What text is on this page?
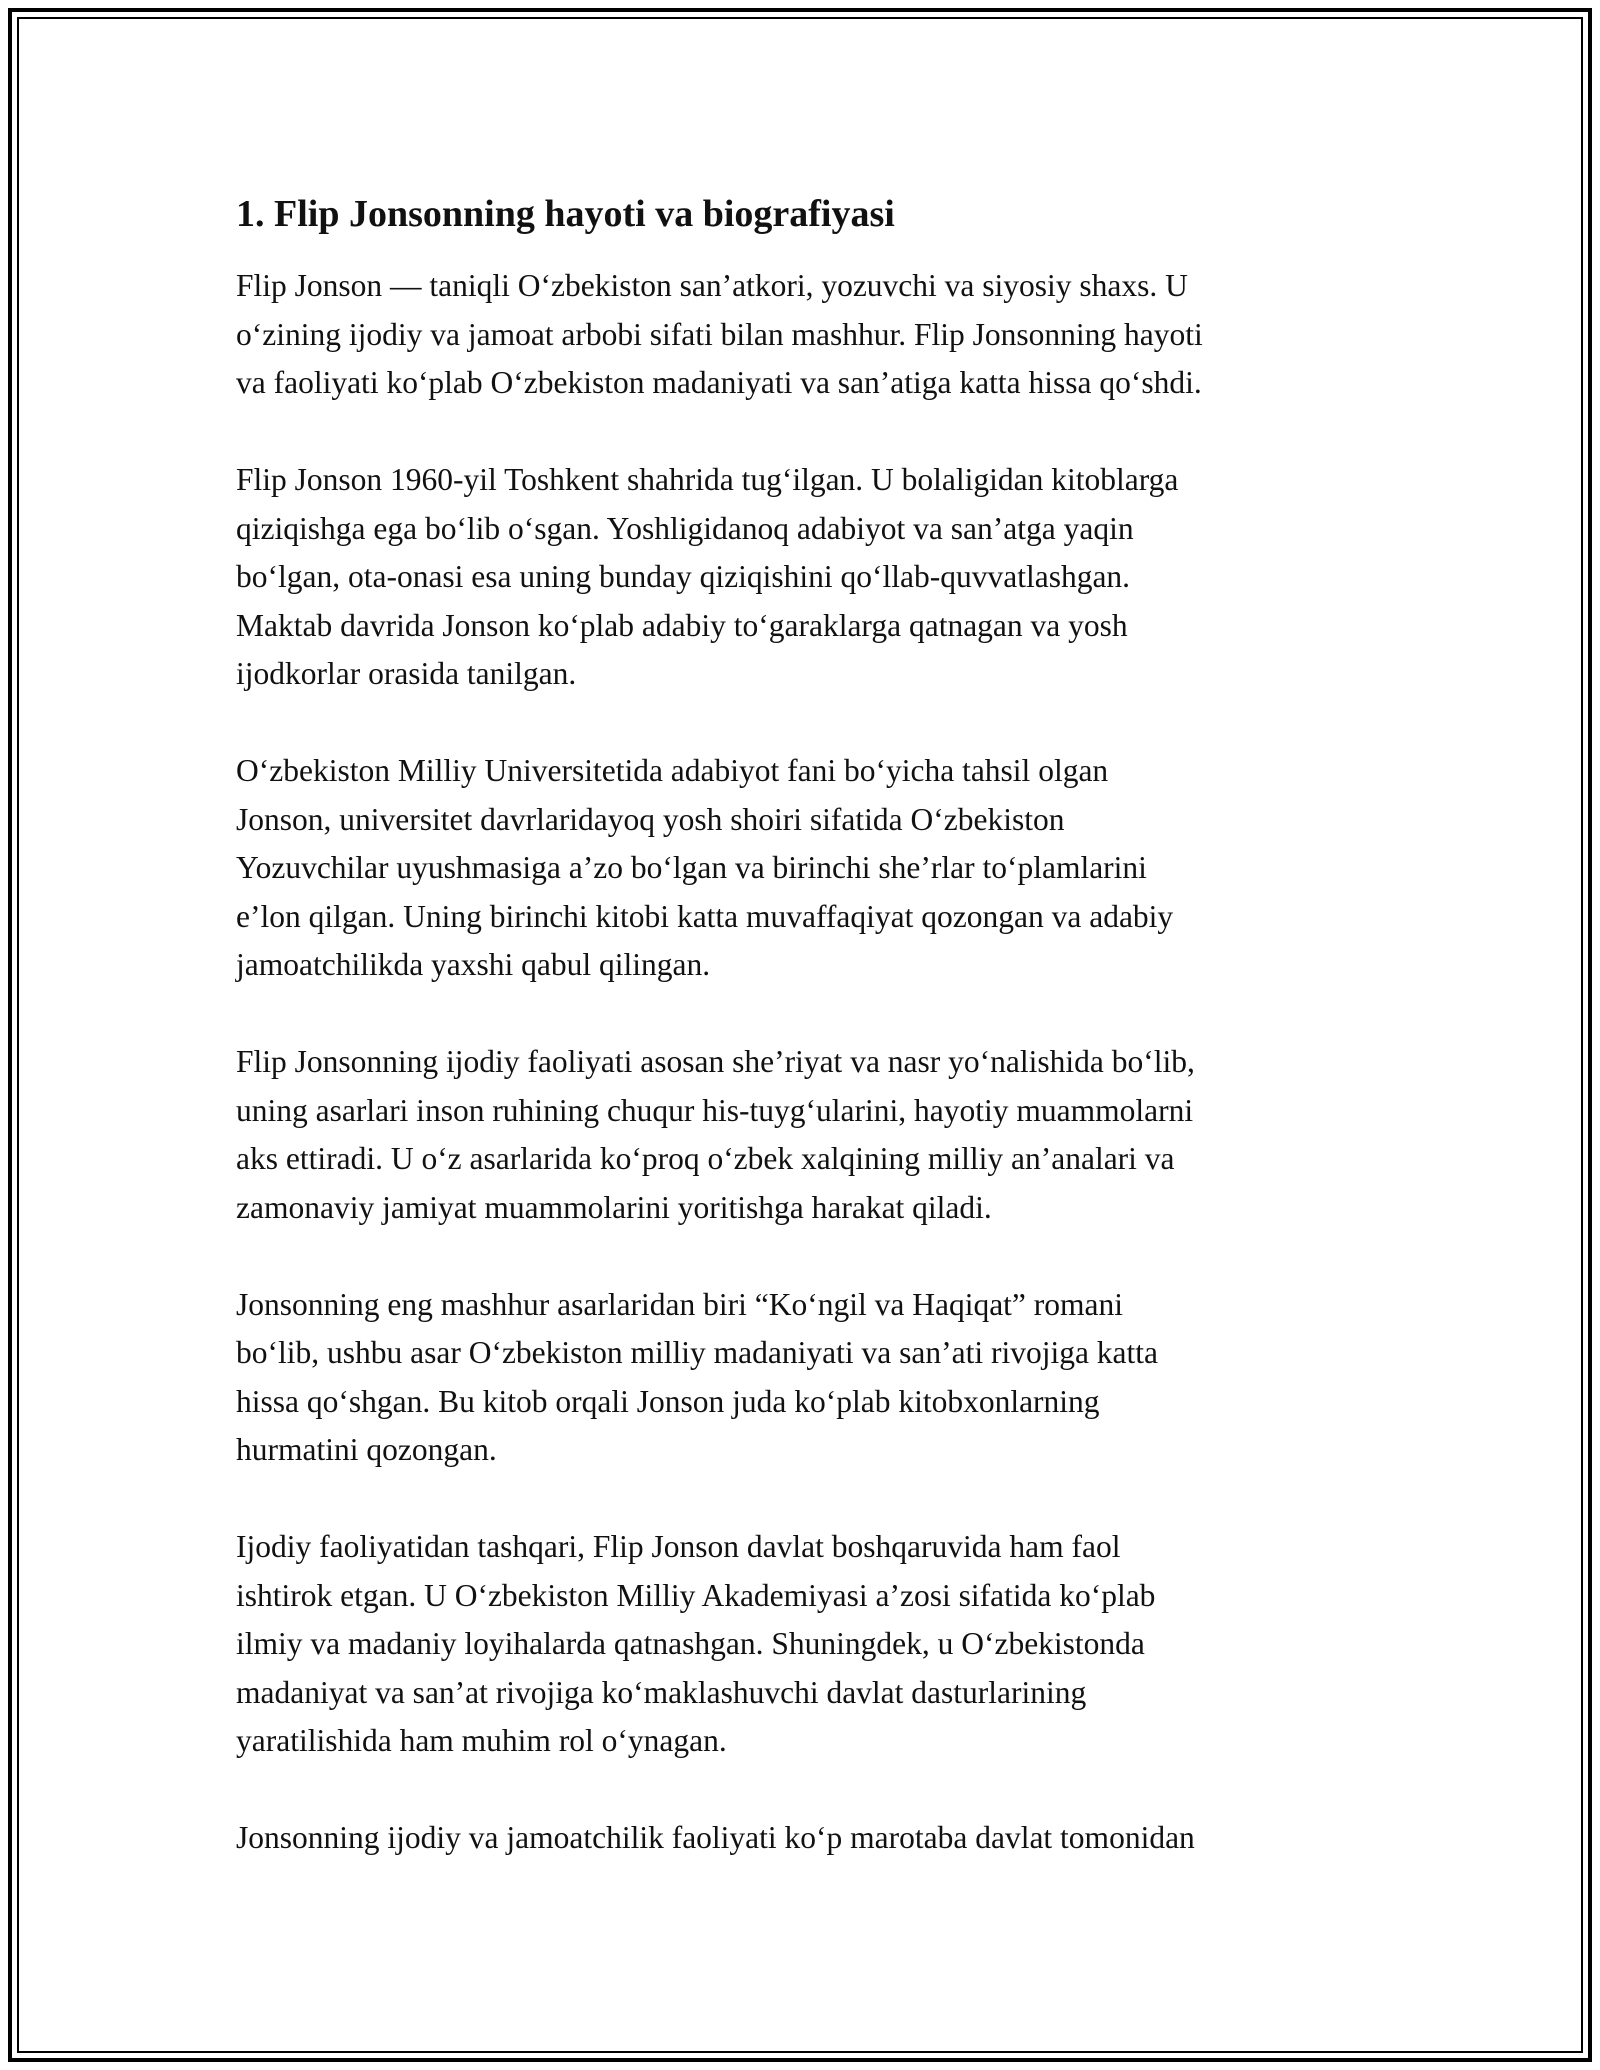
1. Flip Jonsonning hayoti va biografiyasi
Flip Jonson — taniqli O‘zbekiston san’atkori, yozuvchi va siyosiy shaxs. U
o‘zining ijodiy va jamoat arbobi sifati bilan mashhur. Flip Jonsonning hayoti
va faoliyati ko‘plab O‘zbekiston madaniyati va san’atiga katta hissa qo‘shdi.
Flip Jonson 1960-yil Toshkent shahrida tug‘ilgan. U bolaligidan kitoblarga
qiziqishga ega bo‘lib o‘sgan. Yoshligidanoq adabiyot va san’atga yaqin
bo‘lgan, ota-onasi esa uning bunday qiziqishini qo‘llab-quvvatlashgan.
Maktab davrida Jonson ko‘plab adabiy to‘garaklarga qatnagan va yosh
ijodkorlar orasida tanilgan.
O‘zbekiston Milliy Universitetida adabiyot fani bo‘yicha tahsil olgan
Jonson, universitet davrlaridayoq yosh shoiri sifatida O‘zbekiston
Yozuvchilar uyushmasiga a’zo bo‘lgan va birinchi she’rlar to‘plamlarini
e’lon qilgan. Uning birinchi kitobi katta muvaffaqiyat qozongan va adabiy
jamoatchilikda yaxshi qabul qilingan.
Flip Jonsonning ijodiy faoliyati asosan she’riyat va nasr yo‘nalishida bo‘lib,
uning asarlari inson ruhining chuqur his-tuyg‘ularini, hayotiy muammolarni
aks ettiradi. U o‘z asarlarida ko‘proq o‘zbek xalqining milliy an’analari va
zamonaviy jamiyat muammolarini yoritishga harakat qiladi.
Jonsonning eng mashhur asarlaridan biri “Ko‘ngil va Haqiqat” romani
bo‘lib, ushbu asar O‘zbekiston milliy madaniyati va san’ati rivojiga katta
hissa qo‘shgan. Bu kitob orqali Jonson juda ko‘plab kitobxonlarning
hurmatini qozongan.
Ijodiy faoliyatidan tashqari, Flip Jonson davlat boshqaruvida ham faol
ishtirok etgan. U O‘zbekiston Milliy Akademiyasi a’zosi sifatida ko‘plab
ilmiy va madaniy loyihalarda qatnashgan. Shuningdek, u O‘zbekistonda
madaniyat va san’at rivojiga ko‘maklashuvchi davlat dasturlarining
yaratilishida ham muhim rol o‘ynagan.
Jonsonning ijodiy va jamoatchilik faoliyati ko‘p marotaba davlat tomonidan
